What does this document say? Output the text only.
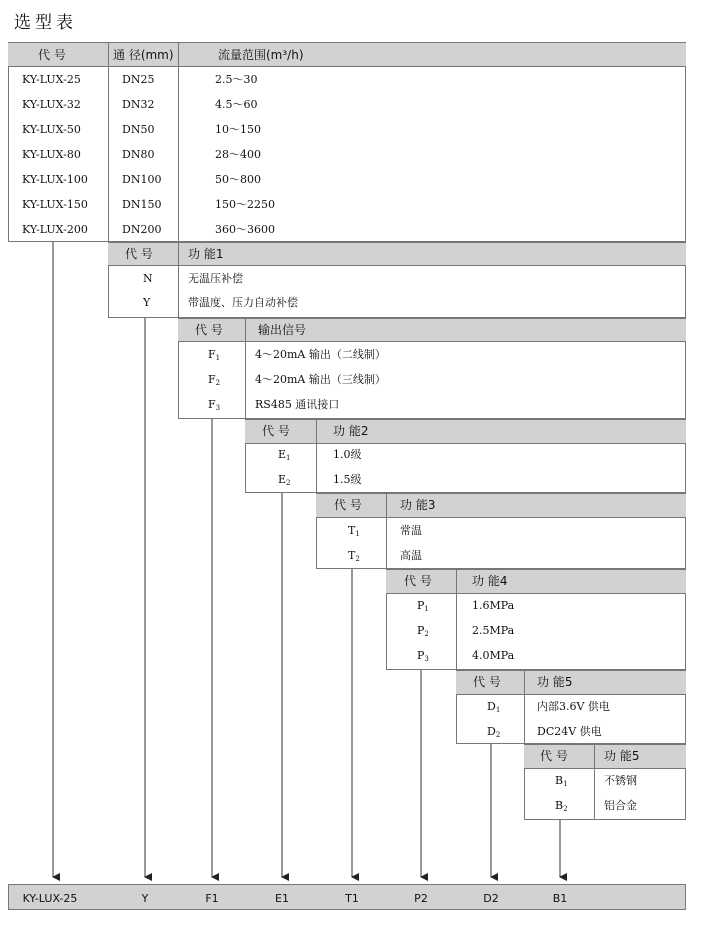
选型表
代 号	通 径(mm)	流量范围(m³/h)
KY-LUX-25	DN25	2.5～30
KY-LUX-32	DN32	4.5～60
KY-LUX-50	DN50	10～150
KY-LUX-80	DN80	28～400
KY-LUX-100	DN100	50～800
KY-LUX-150	DN150	150～2250
KY-LUX-200	DN200	360～3600
代 号	功 能1
N	无温压补偿
Y	带温度、压力自动补偿
代 号	输出信号
$F_1$	4～20mA 输出（二线制）
$F_2$	4～20mA 输出（三线制）
$F_3$	RS485 通讯接口
代 号	功 能2
$E_1$	1.0级
$E_2$	1.5级
代 号	功 能3
$T_1$	常温
$T_2$	高温
代 号	功 能4
$P_1$	1.6MPa
$P_2$	2.5MPa
$P_3$	4.0MPa
代 号	功 能5
$D_1$	内部3.6V 供电
$D_2$	DC24V 供电
代 号	功 能5
$B_1$	不锈钢
$B_2$	铝合金
KY-LUX-25	Y	F1	E1	T1	P2	D2	B1
